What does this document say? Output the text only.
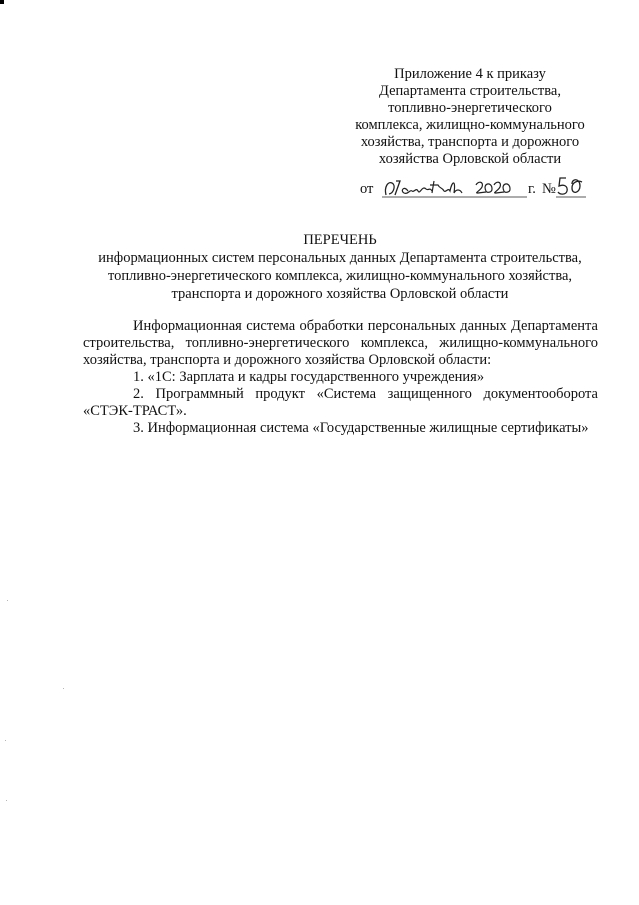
Приложение 4 к приказу
Департамента строительства,
топливно-энергетического
комплекса, жилищно-коммунального
хозяйства, транспорта и дорожного
хозяйства Орловской области
от	г. №
ПЕРЕЧЕНЬ
информационных систем персональных данных Департамента строительства,
топливно-энергетического комплекса, жилищно-коммунального хозяйства,
транспорта и дорожного хозяйства Орловской области

Информационная система обработки персональных данных Департамента строительства, топливно-энергетического комплекса, жилищно-коммунального хозяйства, транспорта и дорожного хозяйства Орловской области:

1. «1С: Зарплата и кадры государственного учреждения»

2. Программный продукт «Система защищенного документооборота «СТЭК-ТРАСТ».

3. Информационная система «Государственные жилищные сертификаты»
